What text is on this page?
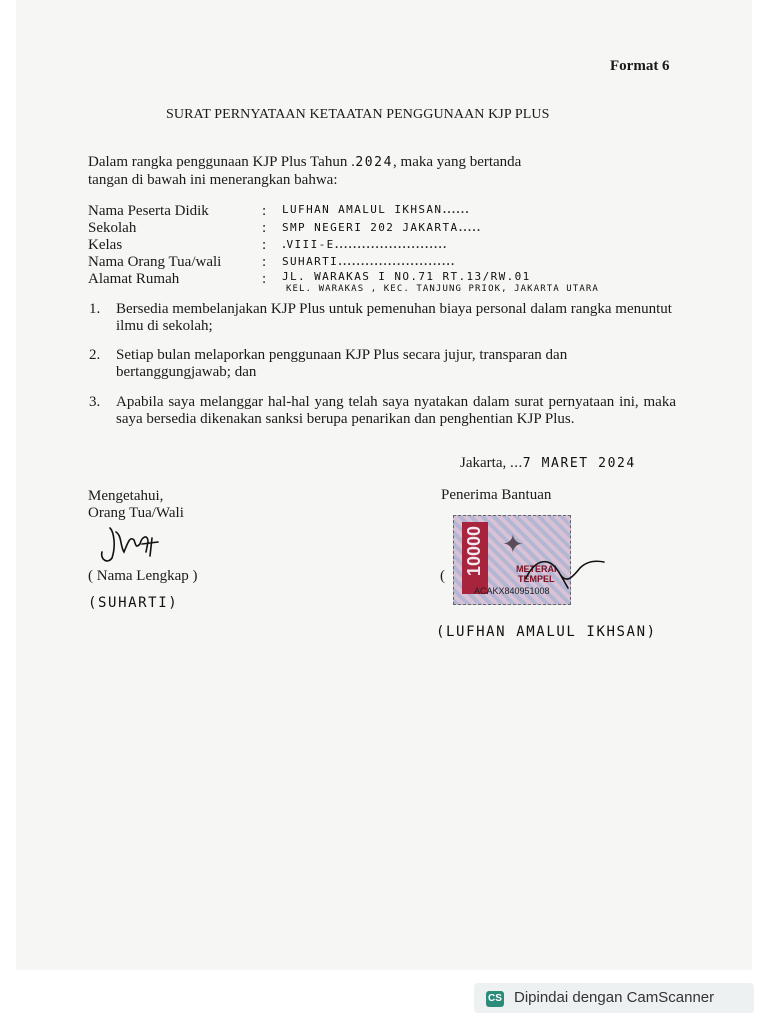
Format 6
SURAT PERNYATAAN KETAATAN PENGGUNAAN KJP PLUS
Dalam rangka penggunaan KJP Plus Tahun .2024, maka yang bertanda
tangan di bawah ini menerangkan bahwa:
Nama Peserta Didik	: LUFHAN AMALUL IKHSAN......
Sekolah	: SMP NEGERI 202 JAKARTA.....
Kelas	: .VIII-E.........................
Nama Orang Tua/wali	: SUHARTI..........................
Alamat Rumah	: JL. WARAKAS I NO.71 RT.13/RW.01
KEL. WARAKAS , KEC. TANJUNG PRIOK, JAKARTA UTARA
1. Bersedia membelanjakan KJP Plus untuk pemenuhan biaya personal dalam rangka menuntut ilmu di sekolah;
2. Setiap bulan melaporkan penggunaan KJP Plus secara jujur, transparan dan bertanggungjawab; dan
3. Apabila saya melanggar hal-hal yang telah saya nyatakan dalam surat pernyataan ini, maka saya bersedia dikenakan sanksi berupa penarikan dan penghentian KJP Plus.
Jakarta, ...7 MARET 2024
Mengetahui,
Orang Tua/Wali
( Nama Lengkap )
(SUHARTI)
Penerima Bantuan
( 10000 ✦
METERAI
TEMPEL
ACAKX840951008
(LUFHAN AMALUL IKHSAN)
CS Dipindai dengan CamScanner
